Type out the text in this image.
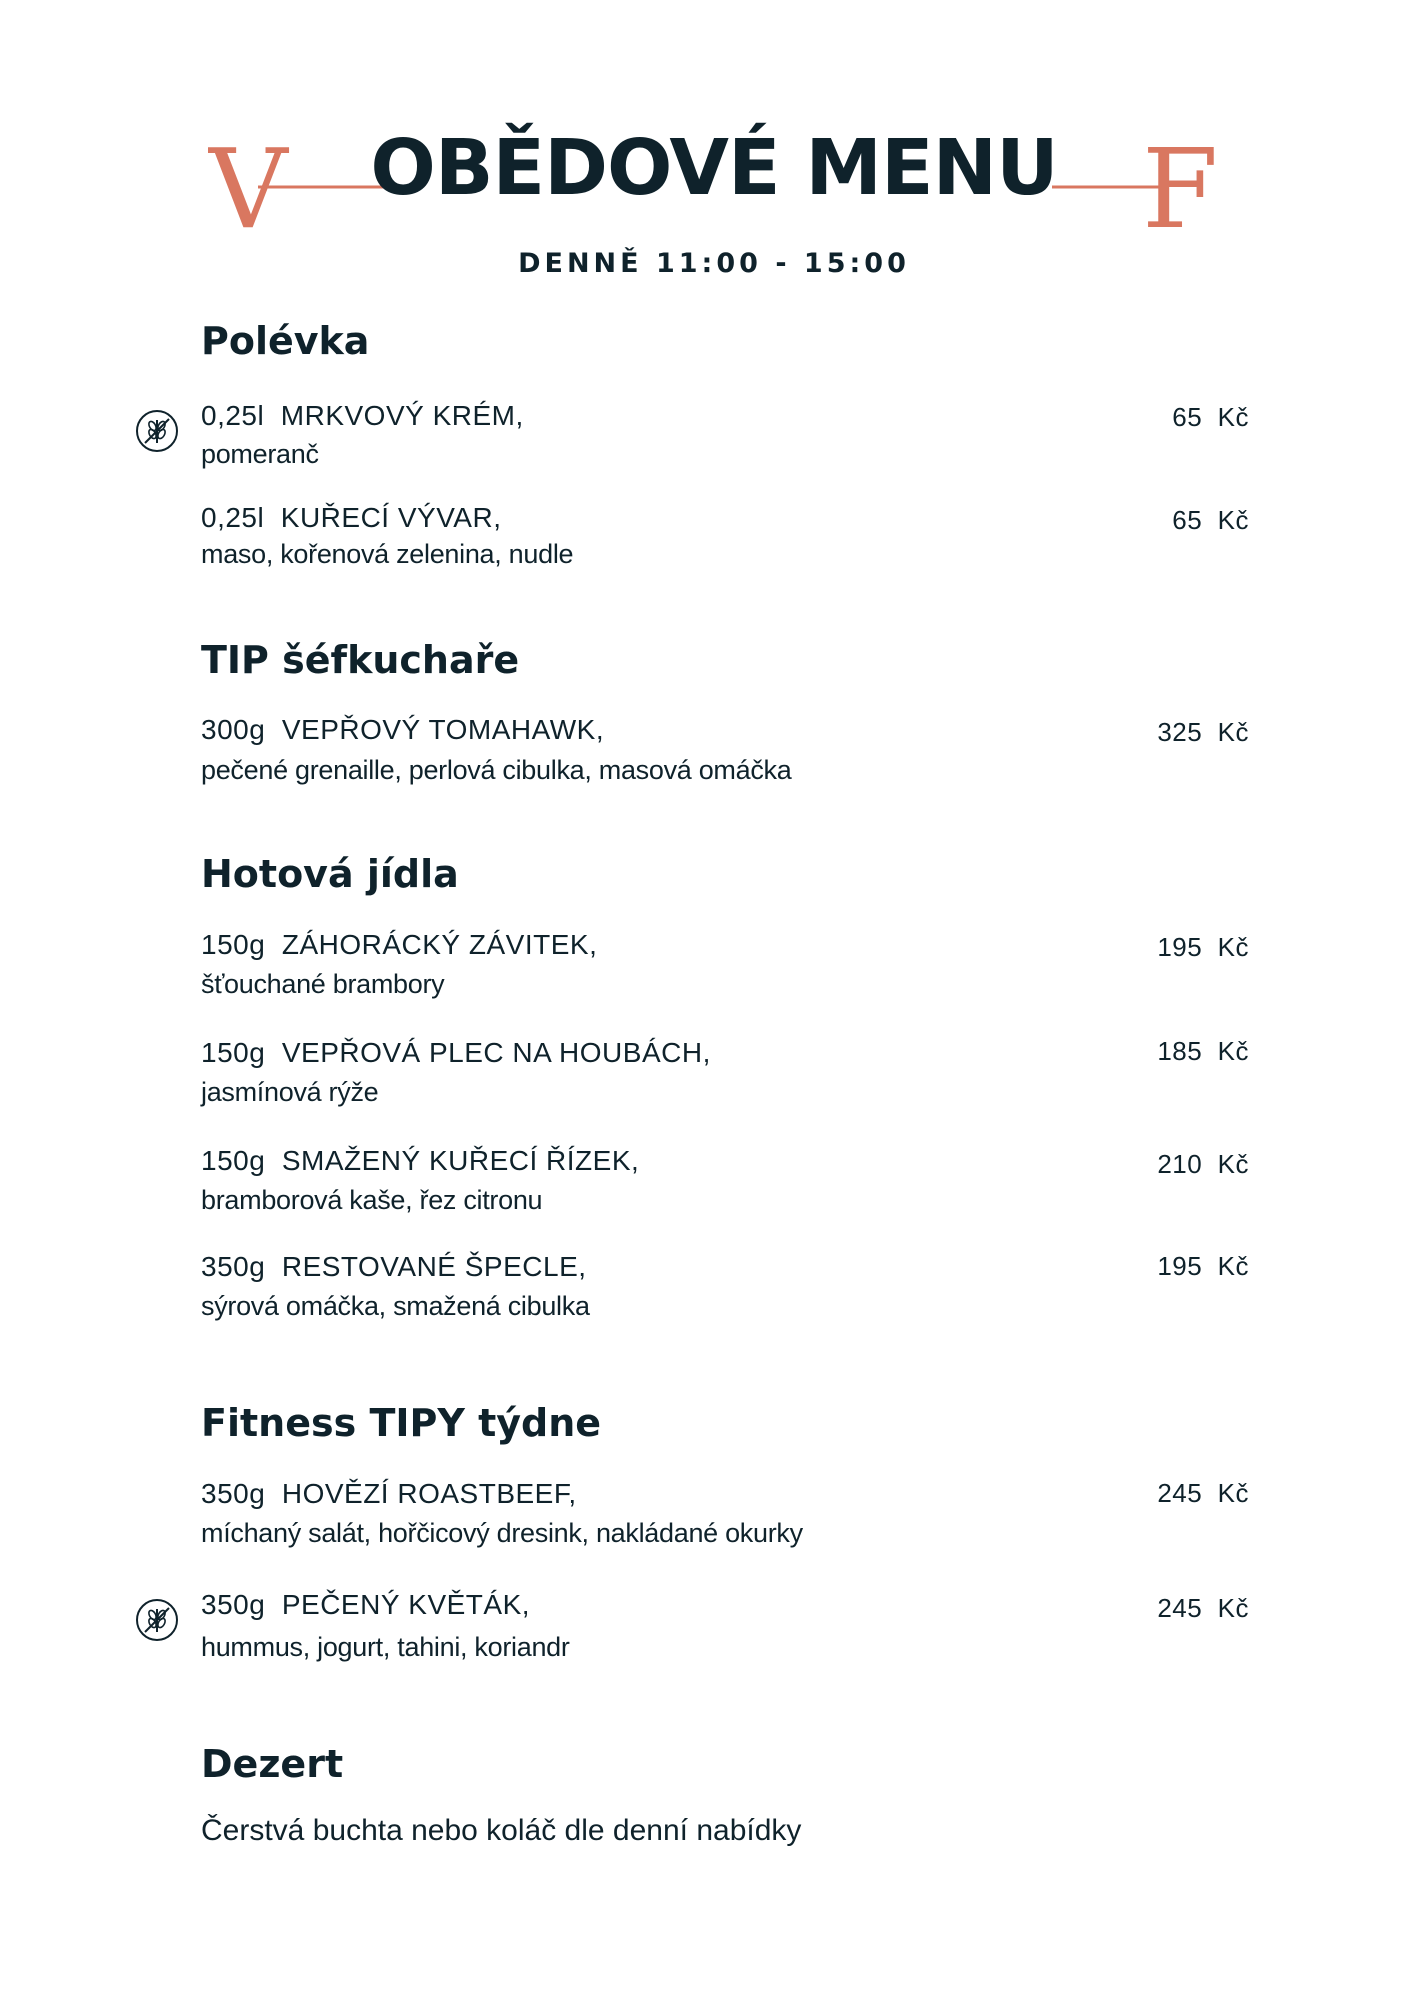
V	OBĚDOVÉ MENU F
DENNĚ 11:00 - 15:00
Polévka
0,25l  MRKVOVÝ KRÉM,
pomeranč
65  Kč
0,25l  KUŘECÍ VÝVAR,
maso, kořenová zelenina, nudle
65  Kč
TIP šéfkuchaře
300g  VEPŘOVÝ TOMAHAWK,
pečené grenaille, perlová cibulka, masová omáčka
325  Kč
Hotová jídla
150g  ZÁHORÁCKÝ ZÁVITEK,
šťouchané brambory
195  Kč
150g  VEPŘOVÁ PLEC NA HOUBÁCH,
jasmínová rýže
185  Kč
150g  SMAŽENÝ KUŘECÍ ŘÍZEK,
bramborová kaše, řez citronu
210  Kč
350g  RESTOVANÉ ŠPECLE,
sýrová omáčka, smažená cibulka
195  Kč
Fitness TIPY týdne
350g  HOVĚZÍ ROASTBEEF,
míchaný salát, hořčicový dresink, nakládané okurky
245  Kč
350g  PEČENÝ KVĚTÁK,
hummus, jogurt, tahini, koriandr
245  Kč
Dezert
Čerstvá buchta nebo koláč dle denní nabídky
